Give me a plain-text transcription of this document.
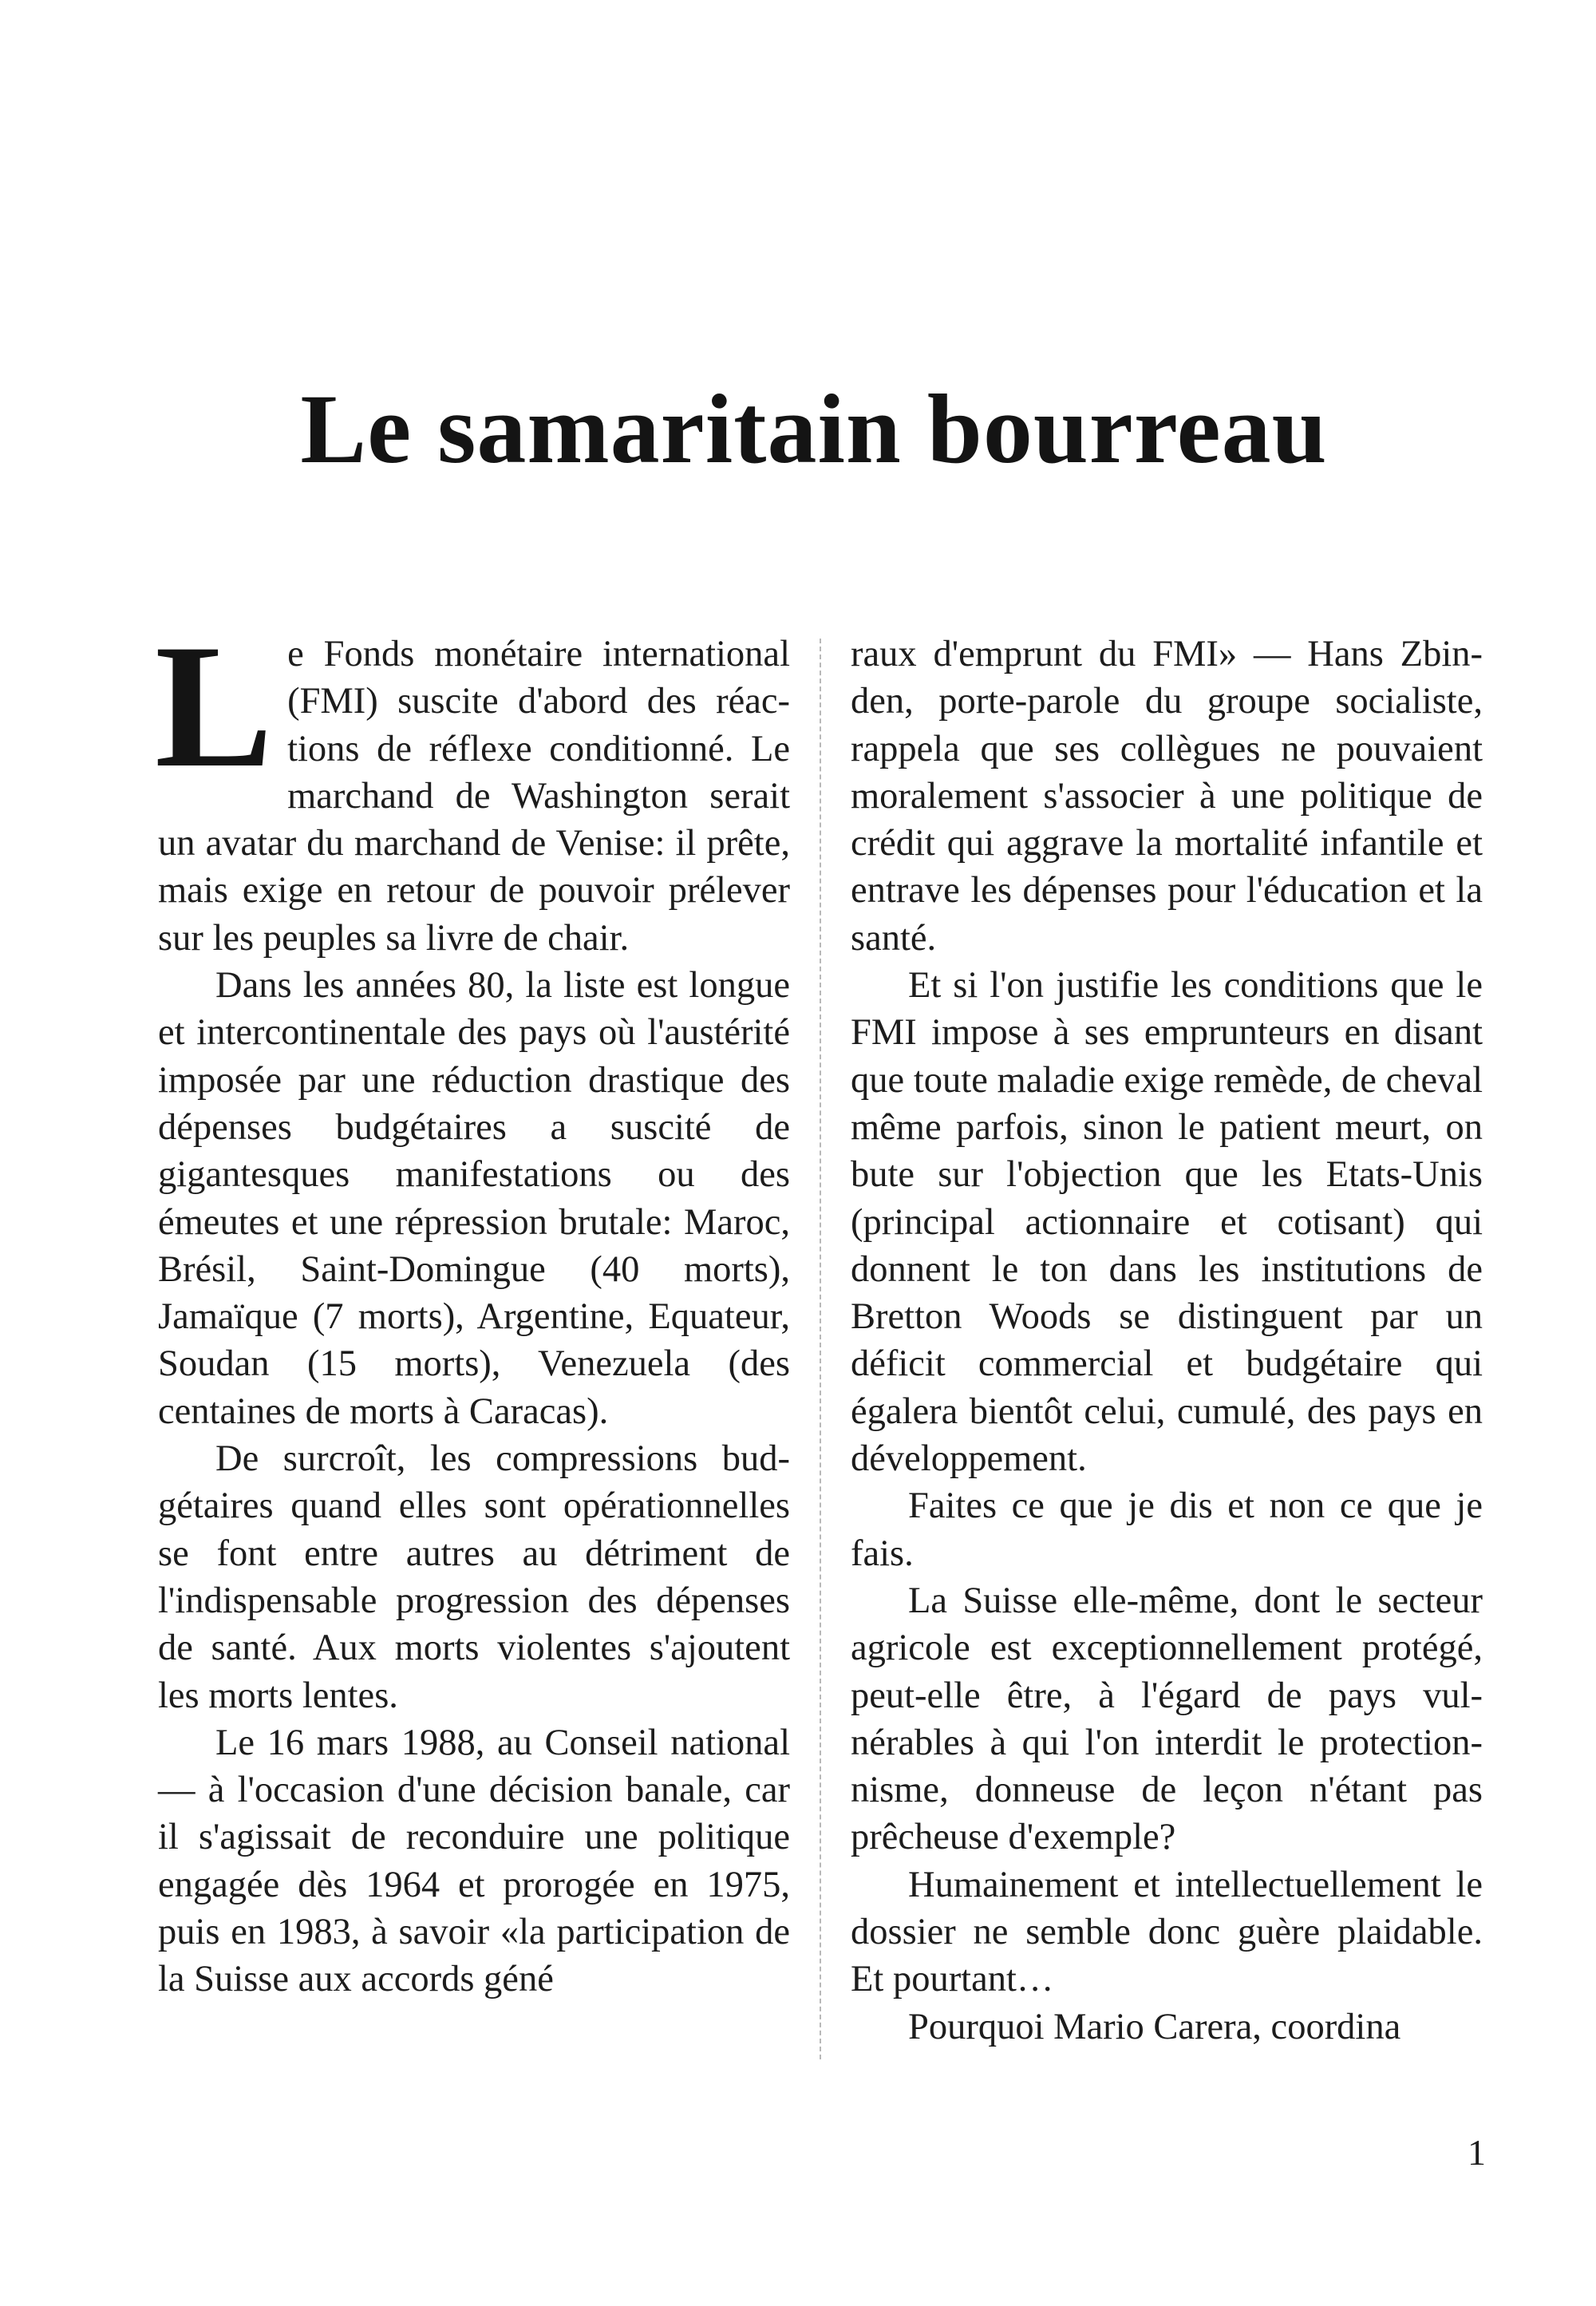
Le samaritain bourreau

Le Fonds monétaire international (FMI) suscite d'abord des réactions de réflexe conditionné. Le marchand de Washington serait un avatar du marchand de Venise: il prête, mais exige en retour de pouvoir prélever sur les peuples sa livre de chair.

Dans les années 80, la liste est longue et intercontinentale des pays où l'austérité imposée par une réduction drastique des dépenses budgétaires a suscité de gigantesques manifestations ou des émeutes et une répression brutale: Maroc, Brésil, Saint-Domingue (40 morts), Jamaïque (7 morts), Argentine, Equateur, Soudan (15 morts), Venezuela (des centaines de morts à Caracas).

De surcroît, les compressions budgétaires quand elles sont opérationnelles se font entre autres au détriment de l'indispensable progression des dépenses de santé. Aux morts violentes s'ajoutent les morts lentes.

Le 16 mars 1988, au Conseil national — à l'occasion d'une décision banale, car il s'agissait de reconduire une politique engagée dès 1964 et prorogée en 1975, puis en 1983, à savoir «la participation de la Suisse aux accords géné

raux d'emprunt du FMI» — Hans Zbinden, porte-parole du groupe socialiste, rappela que ses collègues ne pouvaient moralement s'associer à une politique de crédit qui aggrave la mortalité infantile et entrave les dépenses pour l'éducation et la santé.

Et si l'on justifie les conditions que le FMI impose à ses emprunteurs en disant que toute maladie exige remède, de cheval même parfois, sinon le patient meurt, on bute sur l'objection que les Etats-Unis (principal actionnaire et cotisant) qui donnent le ton dans les institutions de Bretton Woods se distinguent par un déficit commercial et budgétaire qui égalera bientôt celui, cumulé, des pays en développement.

Faites ce que je dis et non ce que je fais.

La Suisse elle-même, dont le secteur agricole est exceptionnellement protégé, peut-elle être, à l'égard de pays vulnérables à qui l'on interdit le protectionnisme, donneuse de leçon n'étant pas prêcheuse d'exemple?

Humainement et intellectuellement le dossier ne semble donc guère plaidable. Et pourtant…

Pourquoi Mario Carera, coordina

1
